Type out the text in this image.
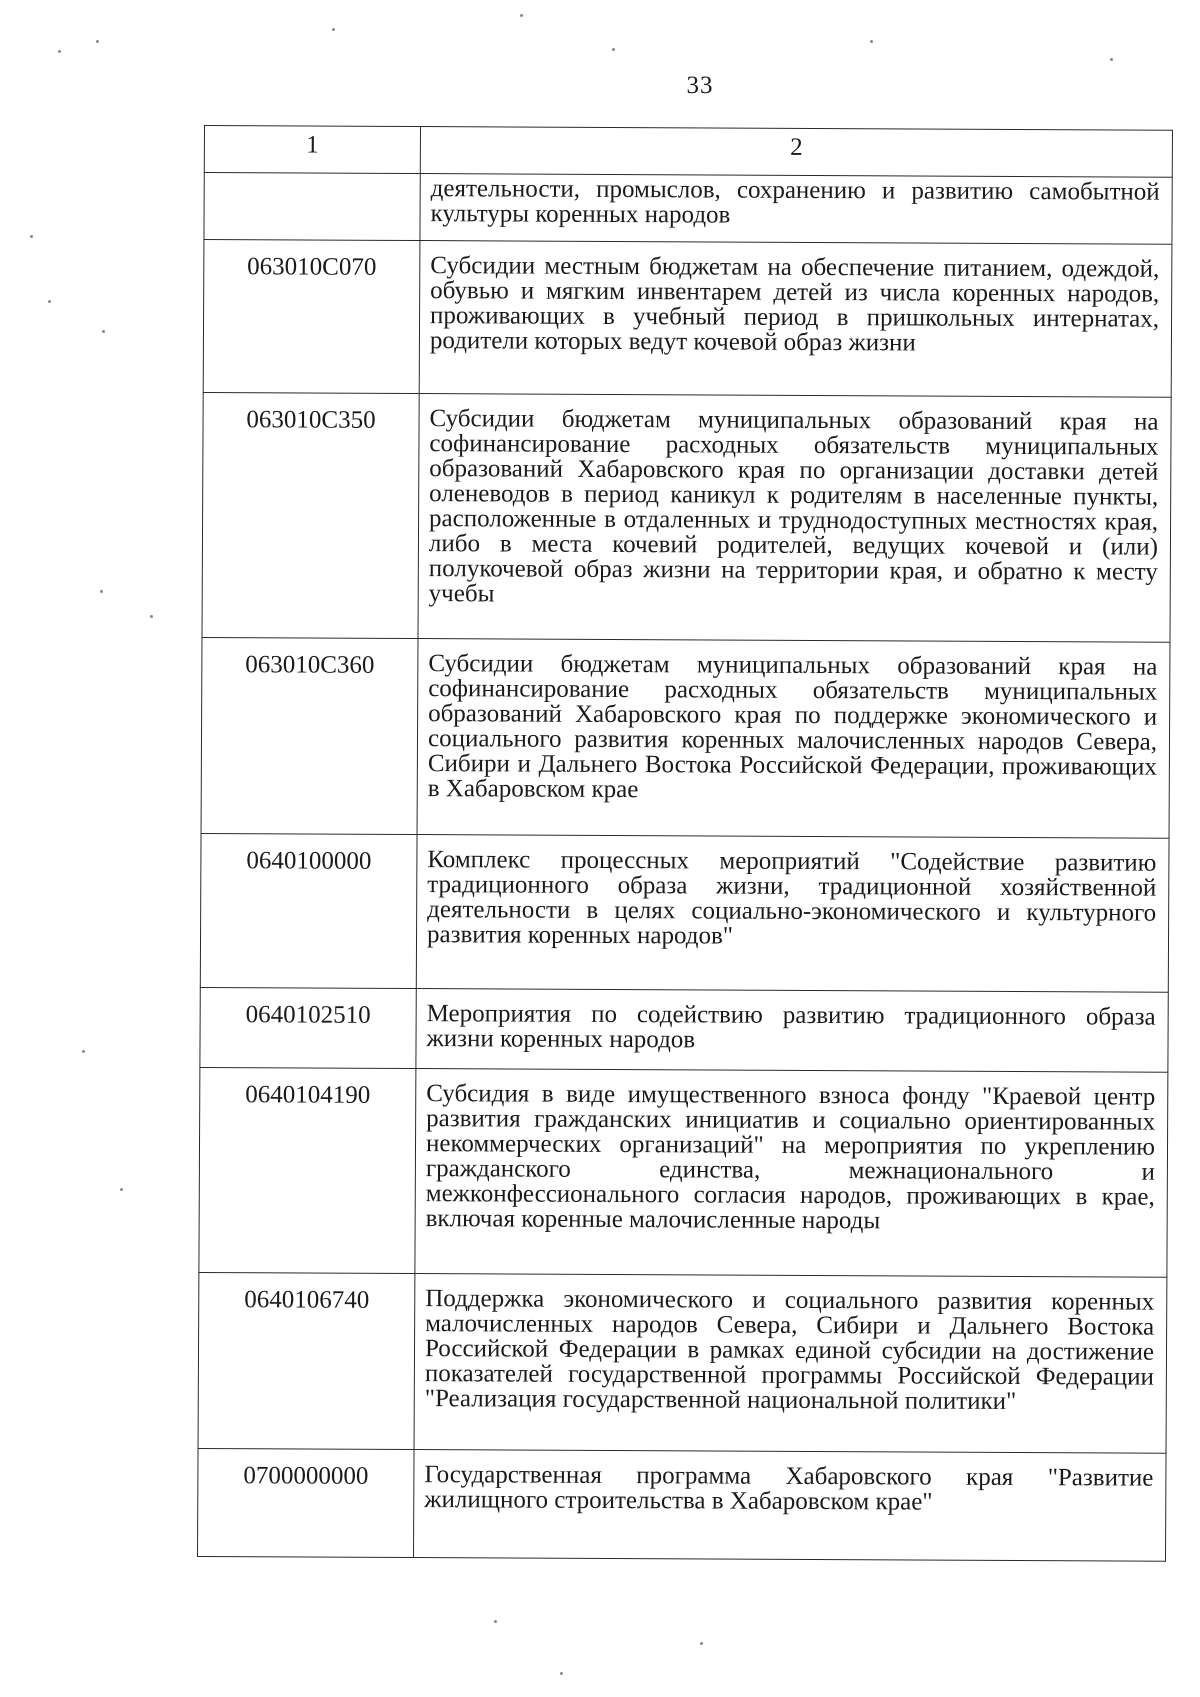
33
1	2
	деятельности, промыслов, сохранению и развитию самобытной культуры коренных народов
063010С070	Субсидии местным бюджетам на обеспечение питанием, одеждой, обувью и мягким инвентарем детей из числа коренных народов, проживающих в учебный период в пришкольных интернатах, родители которых ведут кочевой образ жизни
063010С350	Субсидии бюджетам муниципальных образований края на софинансирование расходных обязательств муниципальных образований Хабаровского края по организации доставки детей оленеводов в период каникул к родителям в населенные пункты, расположенные в отдаленных и труднодоступных местностях края, либо в места кочевий родителей, ведущих кочевой и (или) полукочевой образ жизни на территории края, и обратно к месту учебы
063010С360	Субсидии бюджетам муниципальных образований края на софинансирование расходных обязательств муниципальных образований Хабаровского края по поддержке экономического и социального развития коренных малочисленных народов Севера, Сибири и Дальнего Востока Российской Федерации, проживающих в Хабаровском крае
0640100000	Комплекс процессных мероприятий "Содействие развитию традиционного образа жизни, традиционной хозяйственной деятельности в целях социально-экономического и культурного развития коренных народов"
0640102510	Мероприятия по содействию развитию традиционного образа жизни коренных народов
0640104190	Субсидия в виде имущественного взноса фонду "Краевой центр развития гражданских инициатив и социально ориентированных некоммерческих организаций" на мероприятия по укреплению гражданского единства, межнационального и межконфессионального согласия народов, проживающих в крае, включая коренные малочисленные народы
0640106740	Поддержка экономического и социального развития коренных малочисленных народов Севера, Сибири и Дальнего Востока Российской Федерации в рамках единой субсидии на достижение показателей государственной программы Российской Федерации "Реализация государственной национальной политики"
0700000000	Государственная программа Хабаровского края "Развитие жилищного строительства в Хабаровском крае"
